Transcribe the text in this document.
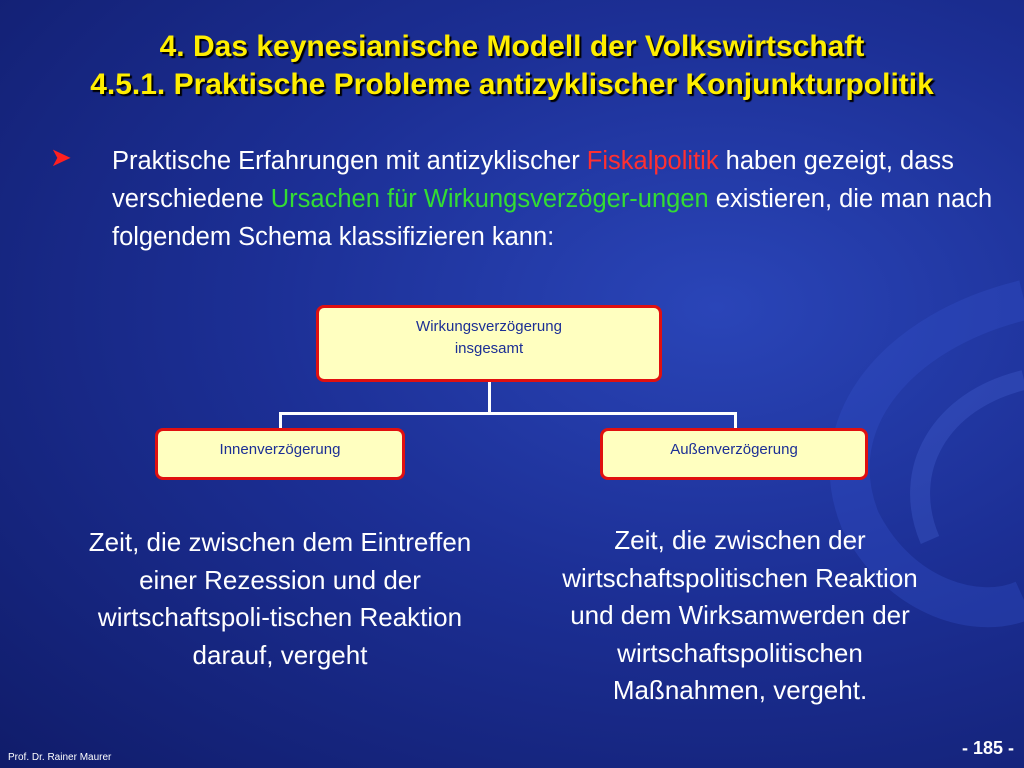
4. Das keynesianische Modell der Volkswirtschaft
4.5.1. Praktische Probleme antizyklischer Konjunkturpolitik
➤ Praktische Erfahrungen mit antizyklischer Fiskalpolitik haben gezeigt, dass verschiedene Ursachen für Wirkungsverzöger-ungen existieren, die man nach folgendem Schema klassifizieren kann:
Wirkungsverzögerung
insgesamt
Innenverzögerung	Außenverzögerung
Zeit, die zwischen dem Eintreffen einer Rezession und der wirtschaftspoli-tischen Reaktion darauf, vergeht
Zeit, die zwischen der wirtschaftspolitischen Reaktion und dem Wirksamwerden der wirtschaftspolitischen Maßnahmen, vergeht.
Prof. Dr. Rainer Maurer	- 185 -
